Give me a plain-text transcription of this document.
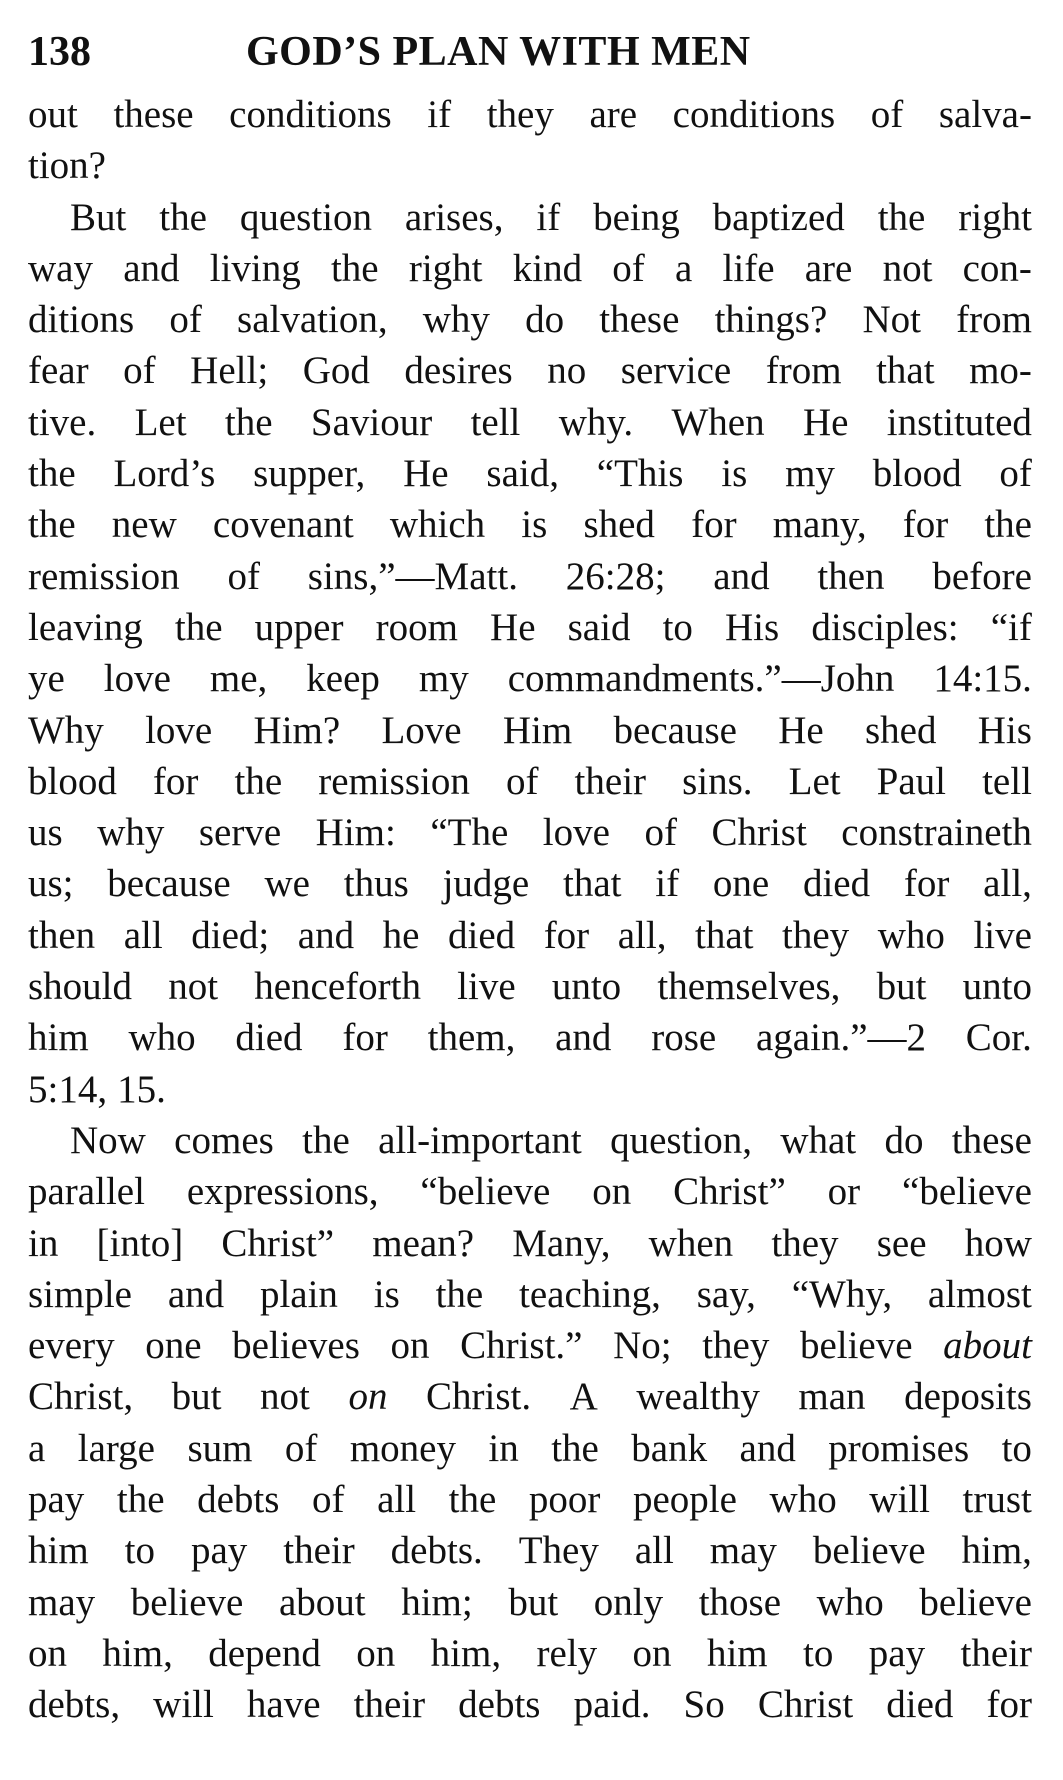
138	GOD’S PLAN WITH MEN
out these conditions if they are conditions of salva-
tion?
But the question arises, if being baptized the right
way and living the right kind of a life are not con-
ditions of salvation, why do these things? Not from
fear of Hell; God desires no service from that mo-
tive. Let the Saviour tell why. When He instituted
the Lord’s supper, He said, “This is my blood of
the new covenant which is shed for many, for the
remission of sins,”—Matt. 26:28; and then before
leaving the upper room He said to His disciples: “if
ye love me, keep my commandments.”—John 14:15.
Why love Him? Love Him because He shed His
blood for the remission of their sins. Let Paul tell
us why serve Him: “The love of Christ constraineth
us; because we thus judge that if one died for all,
then all died; and he died for all, that they who live
should not henceforth live unto themselves, but unto
him who died for them, and rose again.”—2 Cor.
5:14, 15.
Now comes the all-important question, what do these
parallel expressions, “believe on Christ” or “believe
in [into] Christ” mean? Many, when they see how
simple and plain is the teaching, say, “Why, almost
every one believes on Christ.” No; they believe about
Christ, but not on Christ. A wealthy man deposits
a large sum of money in the bank and promises to
pay the debts of all the poor people who will trust
him to pay their debts. They all may believe him,
may believe about him; but only those who believe
on him, depend on him, rely on him to pay their
debts, will have their debts paid. So Christ died for
